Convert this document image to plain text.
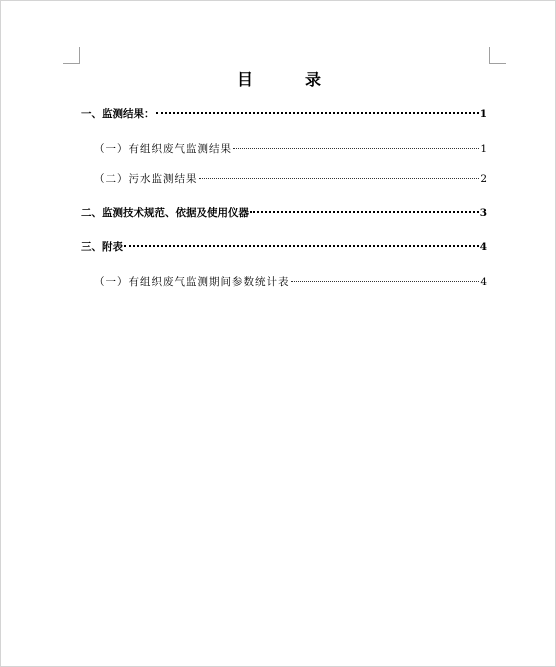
目　录
一、监测结果：	1
（一）有组织废气监测结果	1
（二）污水监测结果	2
二、监测技术规范、依据及使用仪器	3
三、附表	4
（一）有组织废气监测期间参数统计表	4
